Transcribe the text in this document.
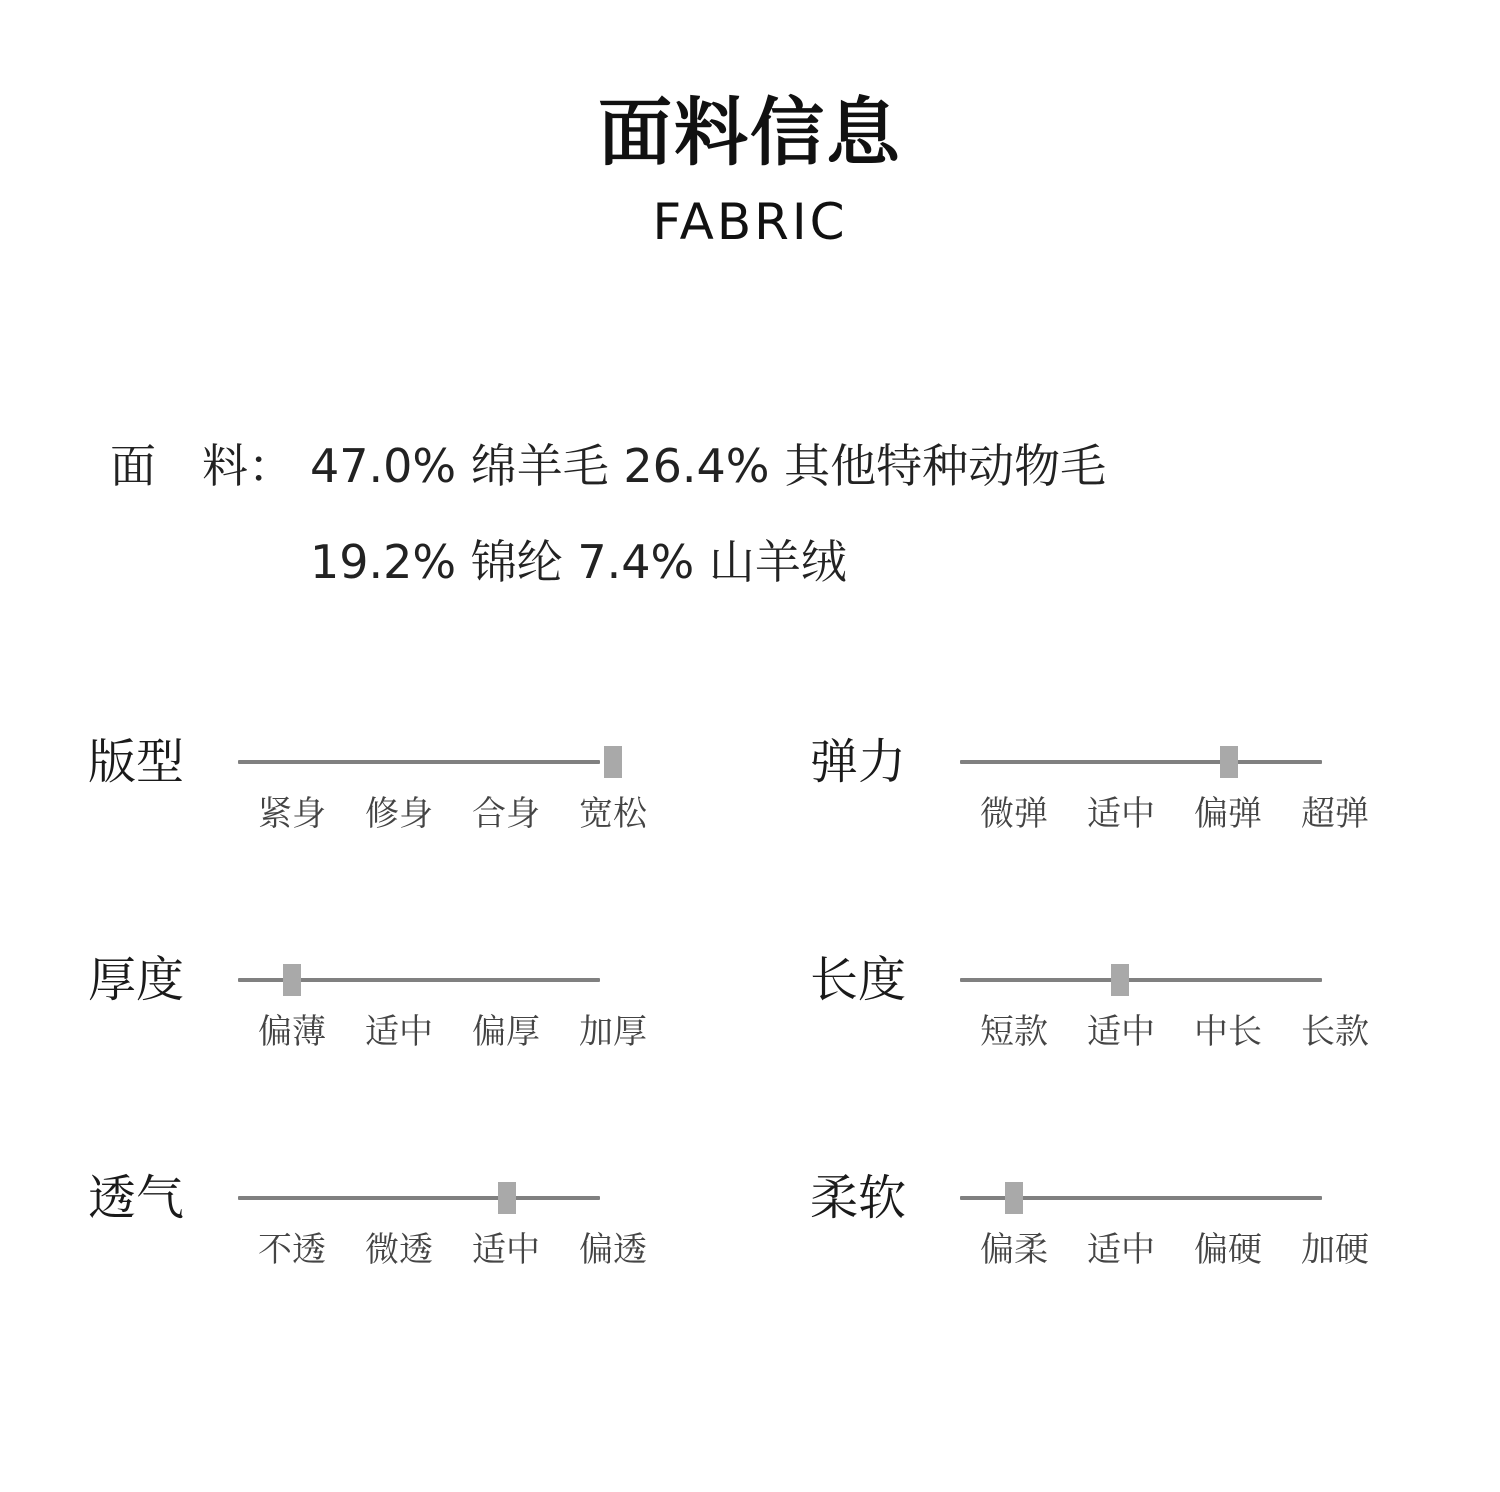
面料信息
FABRIC
面　料： 47.0% 绵羊毛 26.4% 其他特种动物毛
19.2% 锦纶 7.4% 山羊绒
版型
紧身	修身	合身	宽松
弹力
微弹	适中	偏弹	超弹
厚度
偏薄	适中	偏厚	加厚
长度
短款	适中	中长	长款
透气
不透	微透	适中	偏透
柔软
偏柔	适中	偏硬	加硬
